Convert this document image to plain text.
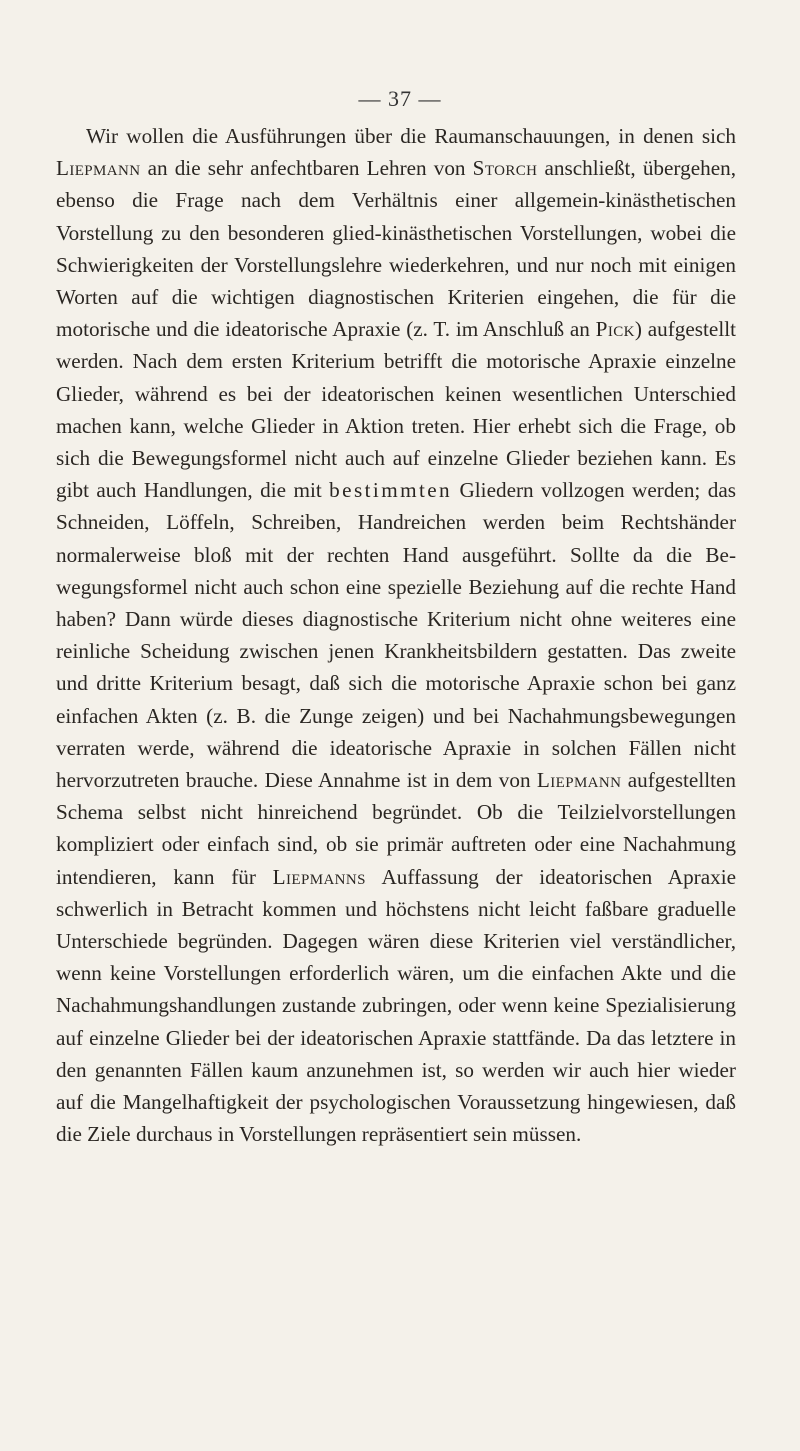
— 37 —

Wir wollen die Ausführungen über die Raumanschauungen, in denen sich Liepmann an die sehr anfechtbaren Lehren von Storch anschließt, übergehen, ebenso die Frage nach dem Verhältnis einer allgemein-kinästhetischen Vorstellung zu den besonderen glied-kinästhetischen Vorstellungen, wobei die Schwierigkeiten der Vorstellungslehre wiederkehren, und nur noch mit einigen Worten auf die wichtigen diagnostischen Kriterien eingehen, die für die motorische und die ideatorische Apraxie (z. T. im Anschluß an Pick) aufgestellt werden. Nach dem ersten Kriterium betrifft die motorische Apraxie einzelne Glieder, während es bei der ideatorischen keinen wesentlichen Unterschied machen kann, welche Glieder in Aktion treten. Hier erhebt sich die Frage, ob sich die Bewegungsformel nicht auch auf einzelne Glieder beziehen kann. Es gibt auch Handlungen, die mit bestimmten Gliedern vollzogen werden; das Schneiden, Löffeln, Schreiben, Handreichen werden beim Rechtshänder normalerweise bloß mit der rechten Hand ausgeführt. Sollte da die Bewegungsformel nicht auch schon eine spezielle Beziehung auf die rechte Hand haben? Dann würde dieses diagnostische Kriterium nicht ohne weiteres eine reinliche Scheidung zwischen jenen Krankheitsbildern gestatten. Das zweite und dritte Kriterium besagt, daß sich die motorische Apraxie schon bei ganz einfachen Akten (z. B. die Zunge zeigen) und bei Nachahmungsbewegungen verraten werde, während die ideatorische Apraxie in solchen Fällen nicht hervorzutreten brauche. Diese Annahme ist in dem von Liepmann aufgestellten Schema selbst nicht hinreichend begründet. Ob die Teilzielvorstellungen kompliziert oder einfach sind, ob sie primär auftreten oder eine Nachahmung intendieren, kann für Liepmanns Auffassung der ideatorischen Apraxie schwerlich in Betracht kommen und höchstens nicht leicht faßbare graduelle Unterschiede begründen. Dagegen wären diese Kriterien viel verständlicher, wenn keine Vorstellungen erforderlich wären, um die einfachen Akte und die Nachahmungshandlungen zustande zubringen, oder wenn keine Spezialisierung auf einzelne Glieder bei der ideatorischen Apraxie stattfände. Da das letztere in den genannten Fällen kaum anzunehmen ist, so werden wir auch hier wieder auf die Mangelhaftigkeit der psychologischen Voraussetzung hingewiesen, daß die Ziele durchaus in Vorstellungen repräsentiert sein müssen.
